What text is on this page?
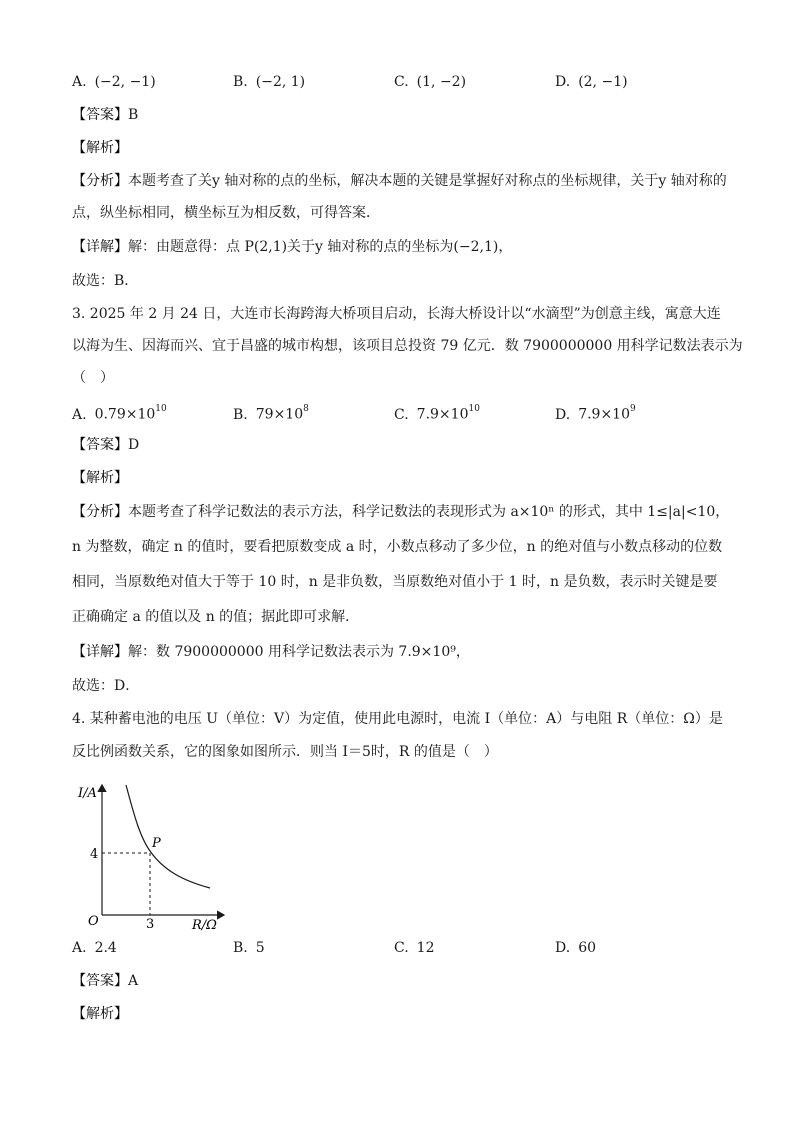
A. (−2, −1)	B. (−2, 1)	C. (1, −2)	D. (2, −1)
【答案】B
【解析】
【分析】本题考查了关y 轴对称的点的坐标，解决本题的关键是掌握好对称点的坐标规律，关于y 轴对称的
点，纵坐标相同，横坐标互为相反数，可得答案．
【详解】解：由题意得：点 P(2,1)关于y 轴对称的点的坐标为(−2,1)，
故选：B．
3. 2025 年 2 月 24 日，大连市长海跨海大桥项目启动，长海大桥设计以“水滴型”为创意主线，寓意大连
以海为生、因海而兴、宜于昌盛的城市构想，该项目总投资 79 亿元．数 7900000000 用科学记数法表示为
（　）
A. $0.79\times 10^{10}$	B. $79\times 10^8$	C. $7.9\times 10^{10}$	D. $7.9\times 10^9$
【答案】D
【解析】
【分析】本题考查了科学记数法的表示方法，科学记数法的表现形式为 a×10ⁿ 的形式，其中 1≤|a|<10，
n 为整数，确定 n 的值时，要看把原数变成 a 时，小数点移动了多少位，n 的绝对值与小数点移动的位数
相同，当原数绝对值大于等于 10 时，n 是非负数，当原数绝对值小于 1 时，n 是负数，表示时关键是要
正确确定 a 的值以及 n 的值；据此即可求解．
【详解】解：数 7900000000 用科学记数法表示为 7.9×10⁹，
故选：D．
4. 某种蓄电池的电压 U（单位：V）为定值，使用此电源时，电流 I（单位：A）与电阻 R（单位：Ω）是
反比例函数关系，它的图象如图所示．则当 I＝5时，R 的值是（　）
I/A
R/Ω
O
4
3
P
A. 2.4	B. 5	C. 12	D. 60
【答案】A
【解析】
